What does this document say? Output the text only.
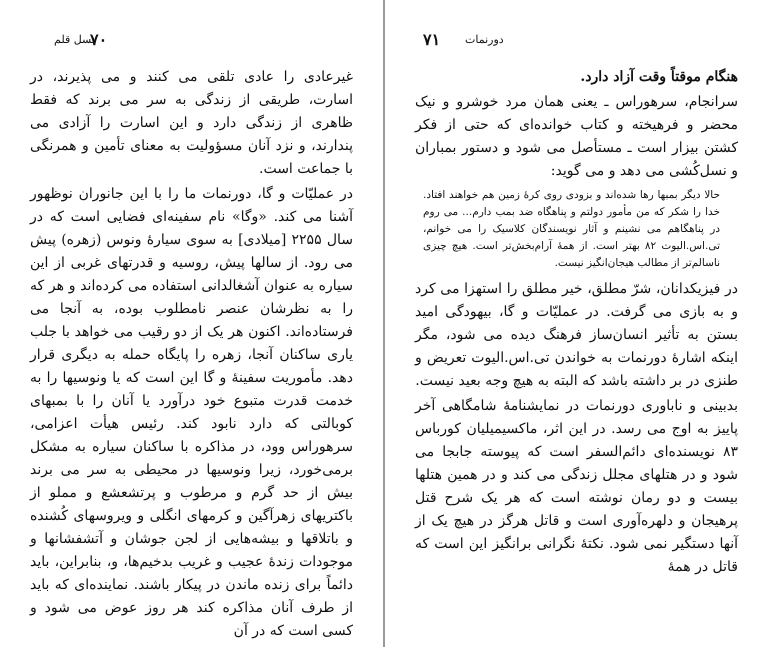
نسل قلم
۷۰

غیرعادی را عادی تلقی می کنند و می پذیرند، در اسارت، طریقی از زندگی به سر می برند که فقط ظاهری از زندگی دارد و این اسارت را آزادی می پندارند، و نزد آنان مسؤولیت به معنای تأمین و همرنگی با جماعت است.

در عملیّات و گا، دورنمات ما را با این جانوران نوظهور آشنا می کند. «وگا» نام سفینه‌ای فضایی است که در سال ۲۲۵۵ [میلادی] به سوی سیارهٔ ونوس (زهره) پیش می رود. از سالها پیش، روسیه و قدرتهای غربی از این سیاره به عنوان آشغالدانی استفاده می کرده‌اند و هر که را به نظرشان عنصر نامطلوب بوده، به آنجا می فرستاده‌اند. اکنون هر یک از دو رقیب می خواهد با جلب یاری ساکنان آنجا، زهره را پایگاه حمله به دیگری قرار دهد. مأموریت سفینهٔ و گا این است که یا ونوسیها را به خدمت قدرت متبوع خود درآورد یا آنان را با بمبهای کوبالتی که دارد نابود کند. رئیس هیأت اعزامی، سرهوراس وود، در مذاکره با ساکنان سیاره به مشکل برمی‌خورد، زیرا ونوسیها در محیطی به سر می برند بیش از حد گرم و مرطوب و پرتشعشع و مملو از باکتریهای زهرآگین و کرمهای انگلی و ویروسهای کُشنده و باتلاقها و بیشه‌هایی از لجن جوشان و آتشفشانها و موجودات زندهٔ عجیب و غریب بدخیم‌ها، و، بنابراین، باید دائماً برای زنده ماندن در پیکار باشند. نماینده‌ای که باید از طرف آنان مذاکره کند هر روز عوض می شود و کسی است که در آن

۷۱ دورنمات

هنگام موقتاً وقت آزاد دارد.

سرانجام، سرهوراس ـ یعنی همان مرد خوشرو و نیک محضر و فرهیخته و کتاب خوانده‌ای که حتی از فکر کشتن بیزار است ـ مستأصل می شود و دستور بمباران و نسل‌کُشی می دهد و می گوید:

حالا دیگر بمبها رها شده‌اند و بزودی روی کرهٔ زمین هم خواهند افتاد. خدا را شکر که من مأمور دولتم و پناهگاه ضد بمب دارم... می روم در پناهگاهم می نشینم و آثار نویسندگان کلاسیک را می خوانم، تی.اس.الیوت ۸۲ بهتر است. از همهٔ آرام‌بخش‌تر است. هیچ چیزی ناسالم‌تر از مطالب هیجان‌انگیز نیست.

در فیزیکدانان، شرّ مطلق، خیر مطلق را استهزا می کرد و به بازی می گرفت. در عملیّات و گا، بیهودگی امید بستن به تأثیر انسان‌ساز فرهنگ دیده می شود، مگر اینکه اشارهٔ دورنمات به خواندن تی.اس.الیوت تعریض و طنزی در بر داشته باشد که البته به هیچ وجه بعید نیست.

بدبینی و ناباوری دورنمات در نمایشنامهٔ شامگاهی آخر پاییز به اوج می رسد. در این اثر، ماکسیمیلیان کورباس ۸۳ نویسنده‌ای دائم‌السفر است که پیوسته جابجا می شود و در هتلهای مجلل زندگی می کند و در همین هتلها بیست و دو رمان نوشته است که هر یک شرح قتل پرهیجان و دلهره‌آوری است و قاتل هرگز در هیچ یک از آنها دستگیر نمی شود. نکتهٔ نگرانی برانگیز این است که قاتل در همهٔ
